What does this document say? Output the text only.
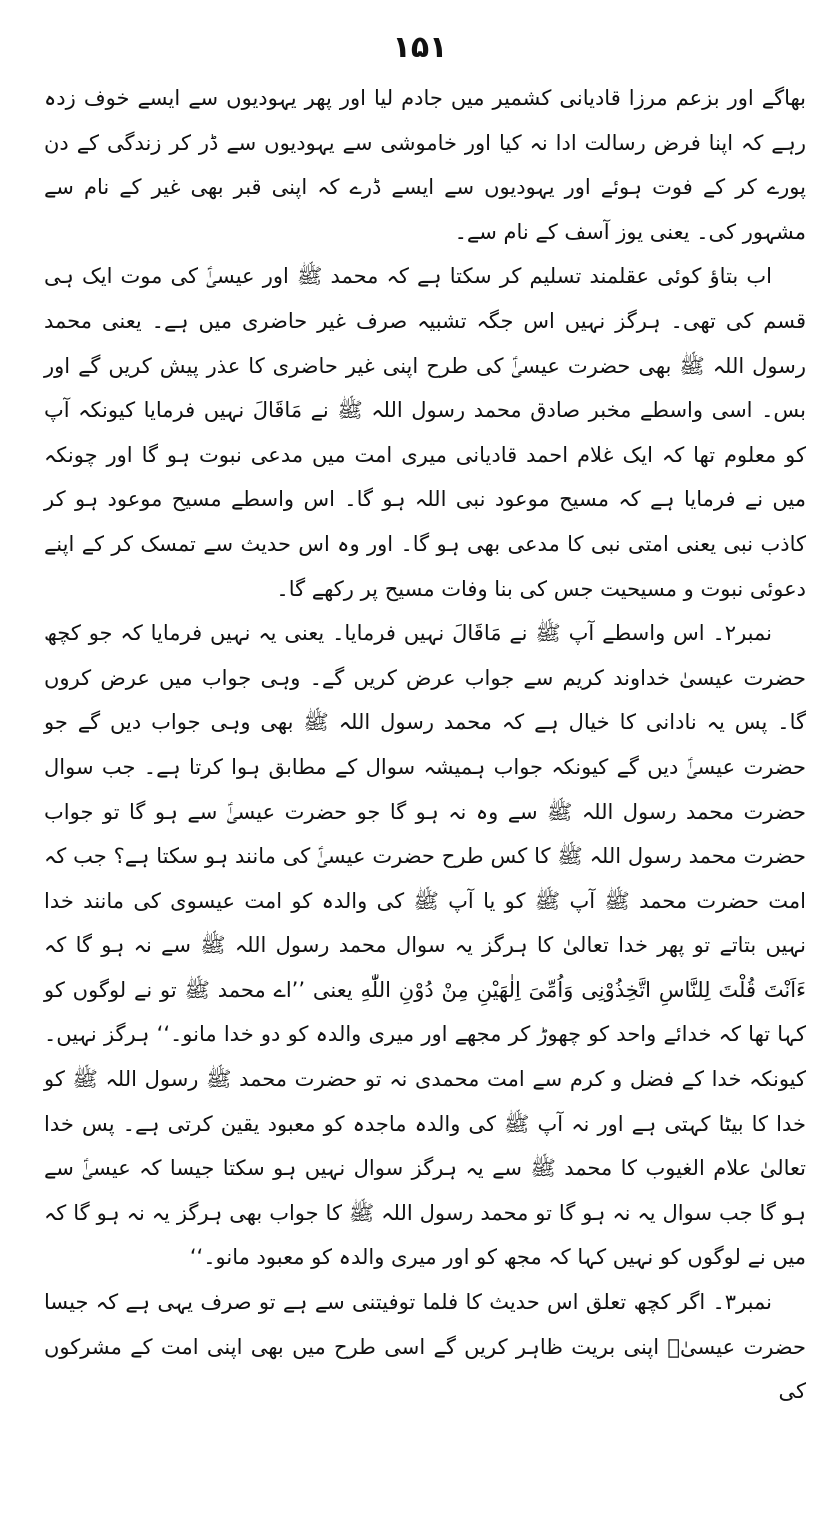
۱۵۱

بھاگے اور بزعم مرزا قادیانی کشمیر میں جادم لیا اور پھر یہودیوں سے ایسے خوف زدہ رہے کہ اپنا فرض رسالت ادا نہ کیا اور خاموشی سے یہودیوں سے ڈر کر زندگی کے دن پورے کر کے فوت ہوئے اور یہودیوں سے ایسے ڈرے کہ اپنی قبر بھی غیر کے نام سے مشہور کی۔ یعنی یوز آسف کے نام سے۔

اب بتاؤ کوئی عقلمند تسلیم کر سکتا ہے کہ محمد ﷺ اور عیسیٰؑ کی موت ایک ہی قسم کی تھی۔ ہرگز نہیں اس جگہ تشبیہ صرف غیر حاضری میں ہے۔ یعنی محمد رسول اللہ ﷺ بھی حضرت عیسیٰؑ کی طرح اپنی غیر حاضری کا عذر پیش کریں گے اور بس۔ اسی واسطے مخبر صادق محمد رسول اللہ ﷺ نے مَاقَالَ نہیں فرمایا کیونکہ آپ کو معلوم تھا کہ ایک غلام احمد قادیانی میری امت میں مدعی نبوت ہو گا اور چونکہ میں نے فرمایا ہے کہ مسیح موعود نبی اللہ ہو گا۔ اس واسطے مسیح موعود ہو کر کاذب نبی یعنی امتی نبی کا مدعی بھی ہو گا۔ اور وہ اس حدیث سے تمسک کر کے اپنے دعوئی نبوت و مسیحیت جس کی بنا وفات مسیح پر رکھے گا۔

نمبر۲۔ اس واسطے آپ ﷺ نے مَاقَالَ نہیں فرمایا۔ یعنی یہ نہیں فرمایا کہ جو کچھ حضرت عیسیٰ خداوند کریم سے جواب عرض کریں گے۔ وہی جواب میں عرض کروں گا۔ پس یہ نادانی کا خیال ہے کہ محمد رسول اللہ ﷺ بھی وہی جواب دیں گے جو حضرت عیسیٰؑ دیں گے کیونکہ جواب ہمیشہ سوال کے مطابق ہوا کرتا ہے۔ جب سوال حضرت محمد رسول اللہ ﷺ سے وہ نہ ہو گا جو حضرت عیسیٰؑ سے ہو گا تو جواب حضرت محمد رسول اللہ ﷺ کا کس طرح حضرت عیسیٰؑ کی مانند ہو سکتا ہے؟ جب کہ امت حضرت محمد ﷺ آپ ﷺ کو یا آپ ﷺ کی والدہ کو امت عیسوی کی مانند خدا نہیں بتاتے تو پھر خدا تعالیٰ کا ہرگز یہ سوال محمد رسول اللہ ﷺ سے نہ ہو گا کہ ءَاَنْتَ قُلْتَ لِلنَّاسِ اتَّخِذُوْنِی وَاُمِّیَ اِلٰهَیْنِ مِنْ دُوْنِ اللّٰهِ یعنی ’’اے محمد ﷺ تو نے لوگوں کو کہا تھا کہ خدائے واحد کو چھوڑ کر مجھے اور میری والدہ کو دو خدا مانو۔‘‘ ہرگز نہیں۔ کیونکہ خدا کے فضل و کرم سے امت محمدی نہ تو حضرت محمد ﷺ رسول اللہ ﷺ کو خدا کا بیٹا کہتی ہے اور نہ آپ ﷺ کی والدہ ماجدہ کو معبود یقین کرتی ہے۔ پس خدا تعالیٰ علام الغیوب کا محمد ﷺ سے یہ ہرگز سوال نہیں ہو سکتا جیسا کہ عیسیٰؑ سے ہو گا جب سوال یہ نہ ہو گا تو محمد رسول اللہ ﷺ کا جواب بھی ہرگز یہ نہ ہو گا کہ میں نے لوگوں کو نہیں کہا کہ مجھ کو اور میری والدہ کو معبود مانو۔‘‘

نمبر۳۔ اگر کچھ تعلق اس حدیث کا فلما توفیتنی سے ہے تو صرف یہی ہے کہ جیسا حضرت عیسیٰؑ اپنی بریت ظاہر کریں گے اسی طرح میں بھی اپنی امت کے مشرکوں کی
